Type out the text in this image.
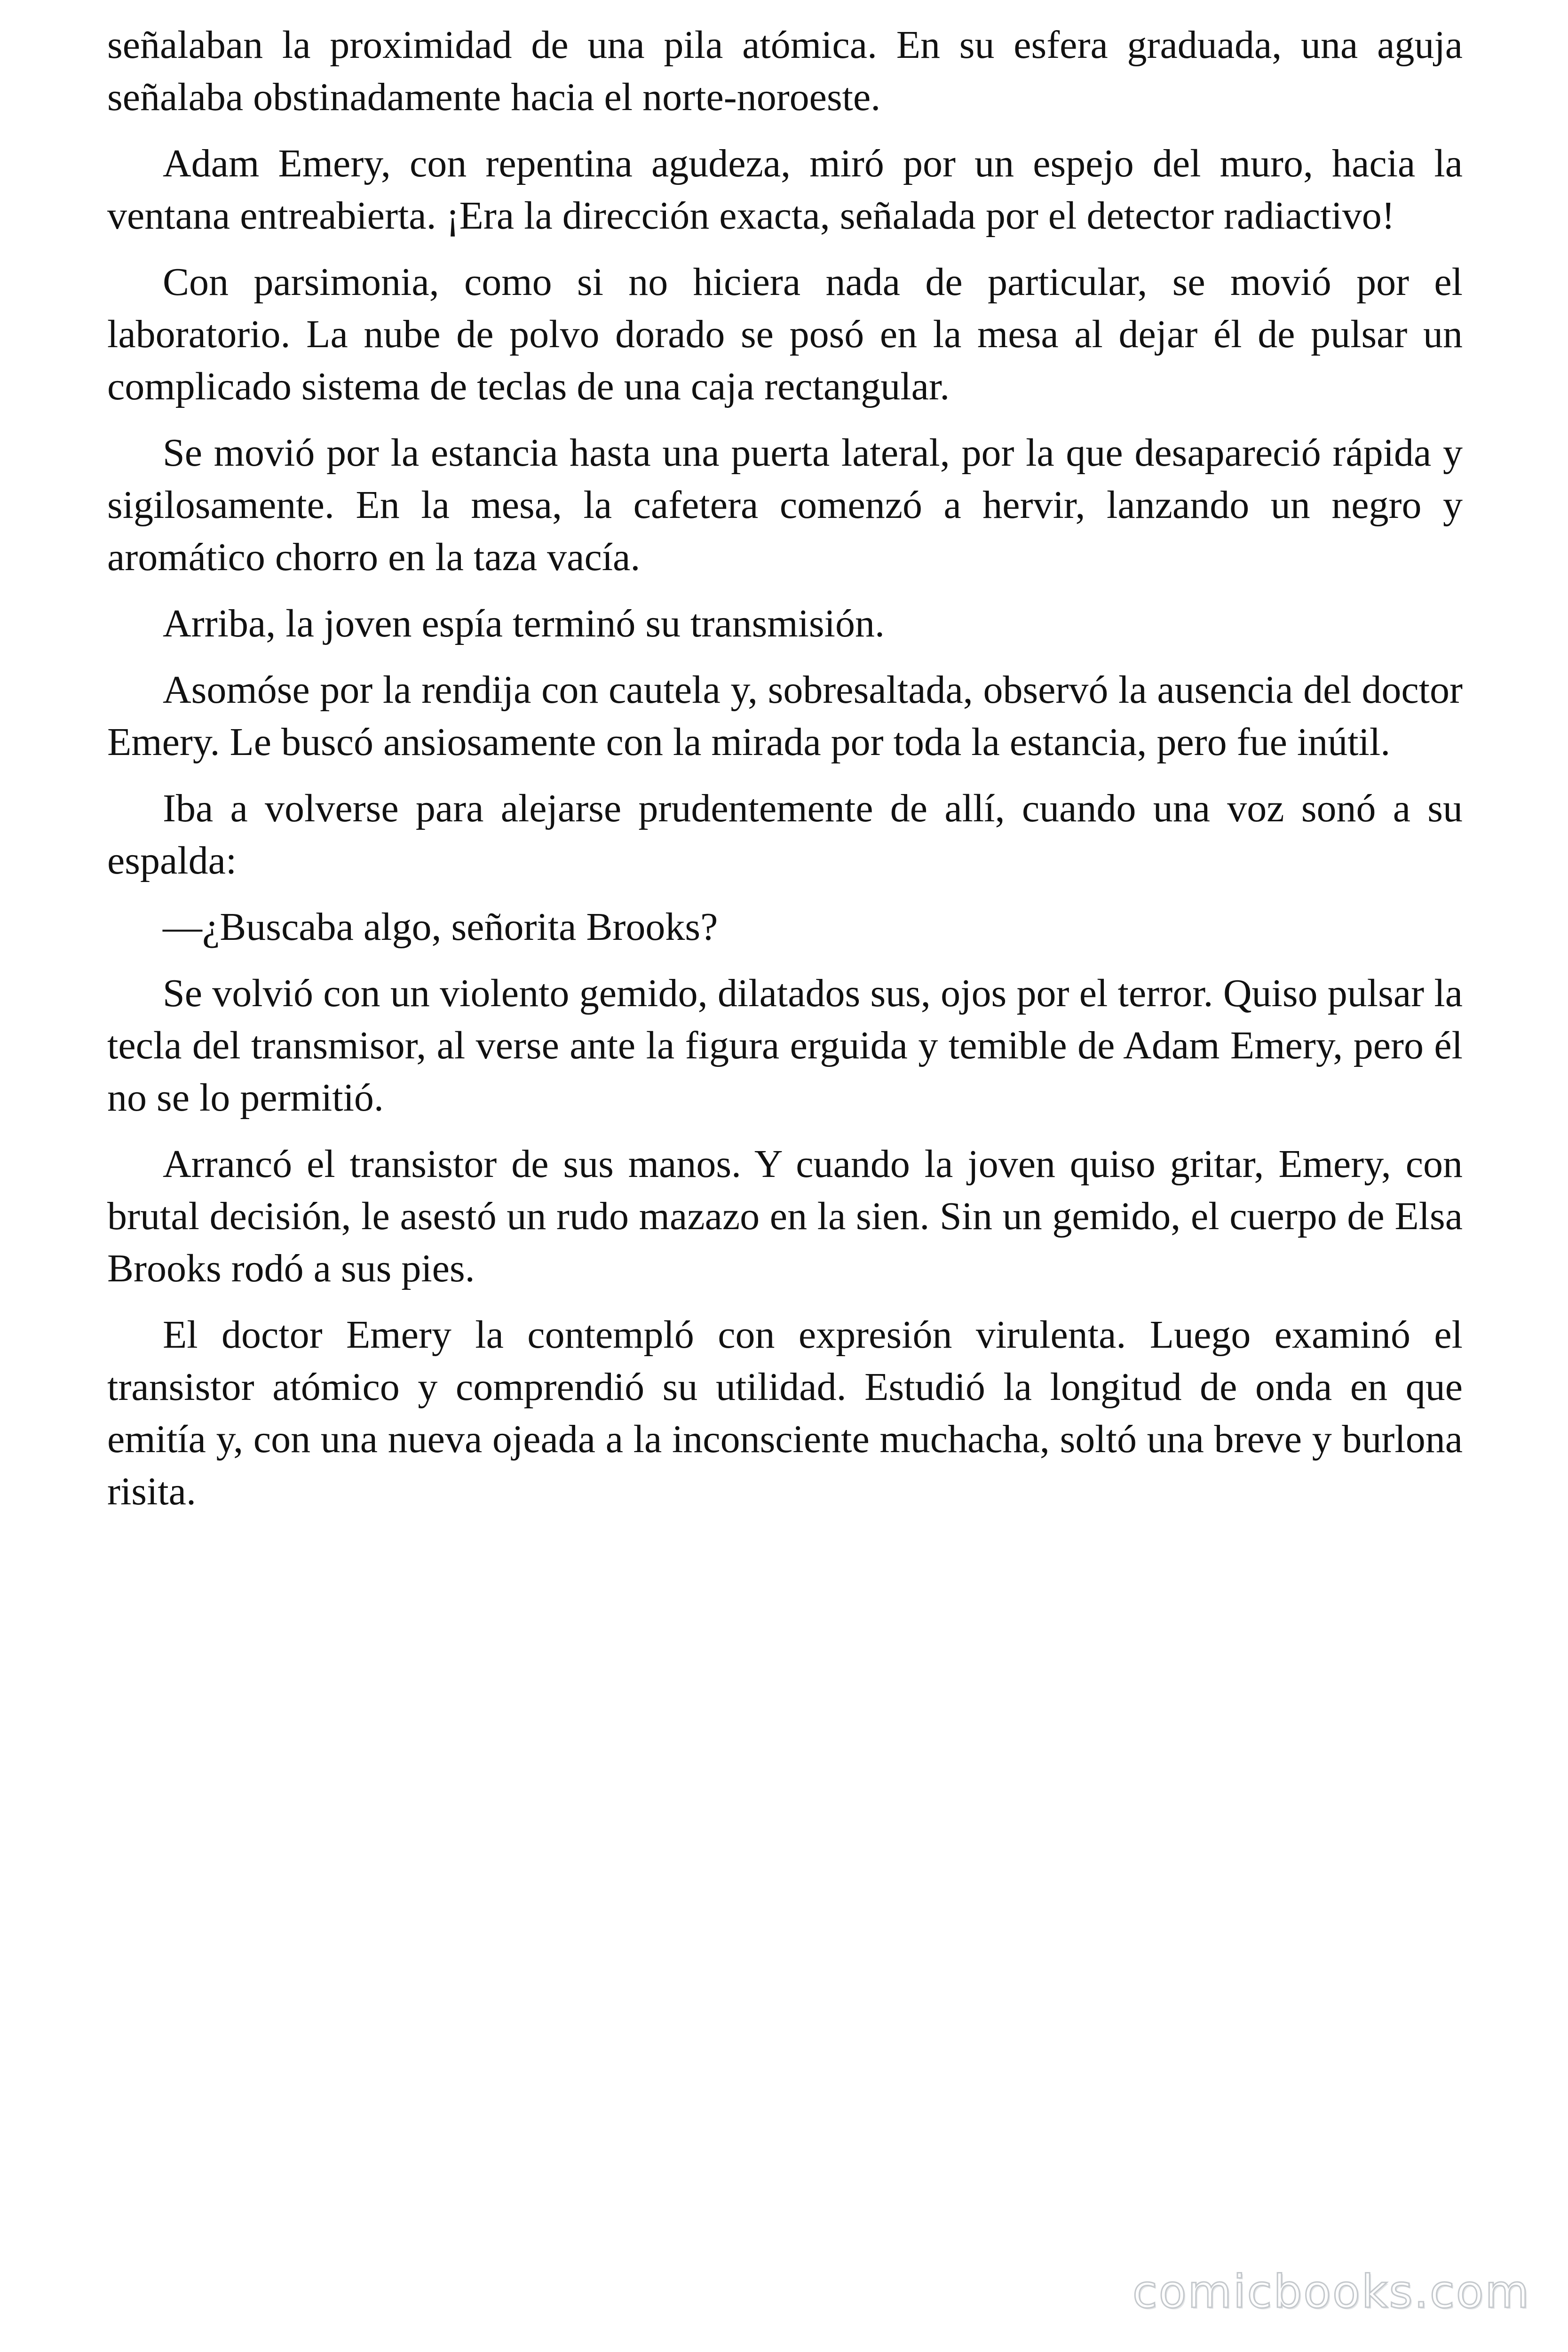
señalaban la proximidad de una pila atómica. En su esfera graduada, una aguja señalaba obstinadamente hacia el norte-noroeste.

Adam Emery, con repentina agudeza, miró por un espejo del muro, hacia la ventana entreabierta. ¡Era la dirección exacta, señalada por el detector radiactivo!

Con parsimonia, como si no hiciera nada de particular, se movió por el laboratorio. La nube de polvo dorado se posó en la mesa al dejar él de pulsar un complicado sistema de teclas de una caja rectangular.

Se movió por la estancia hasta una puerta lateral, por la que desapareció rápida y sigilosamente. En la mesa, la cafetera comenzó a hervir, lanzando un negro y aromático chorro en la taza vacía.

Arriba, la joven espía terminó su transmisión.

Asomóse por la rendija con cautela y, sobresaltada, observó la ausencia del doctor Emery. Le buscó ansiosamente con la mirada por toda la estancia, pero fue inútil.

Iba a volverse para alejarse prudentemente de allí, cuando una voz sonó a su espalda:

—¿Buscaba algo, señorita Brooks?

Se volvió con un violento gemido, dilatados sus, ojos por el terror. Quiso pulsar la tecla del transmisor, al verse ante la figura erguida y temible de Adam Emery, pero él no se lo permitió.

Arrancó el transistor de sus manos. Y cuando la joven quiso gritar, Emery, con brutal decisión, le asestó un rudo mazazo en la sien. Sin un gemido, el cuerpo de Elsa Brooks rodó a sus pies.

El doctor Emery la contempló con expresión virulenta. Luego examinó el transistor atómico y comprendió su utilidad. Estudió la longitud de onda en que emitía y, con una nueva ojeada a la inconsciente muchacha, soltó una breve y burlona risita.

comicbooks.com
